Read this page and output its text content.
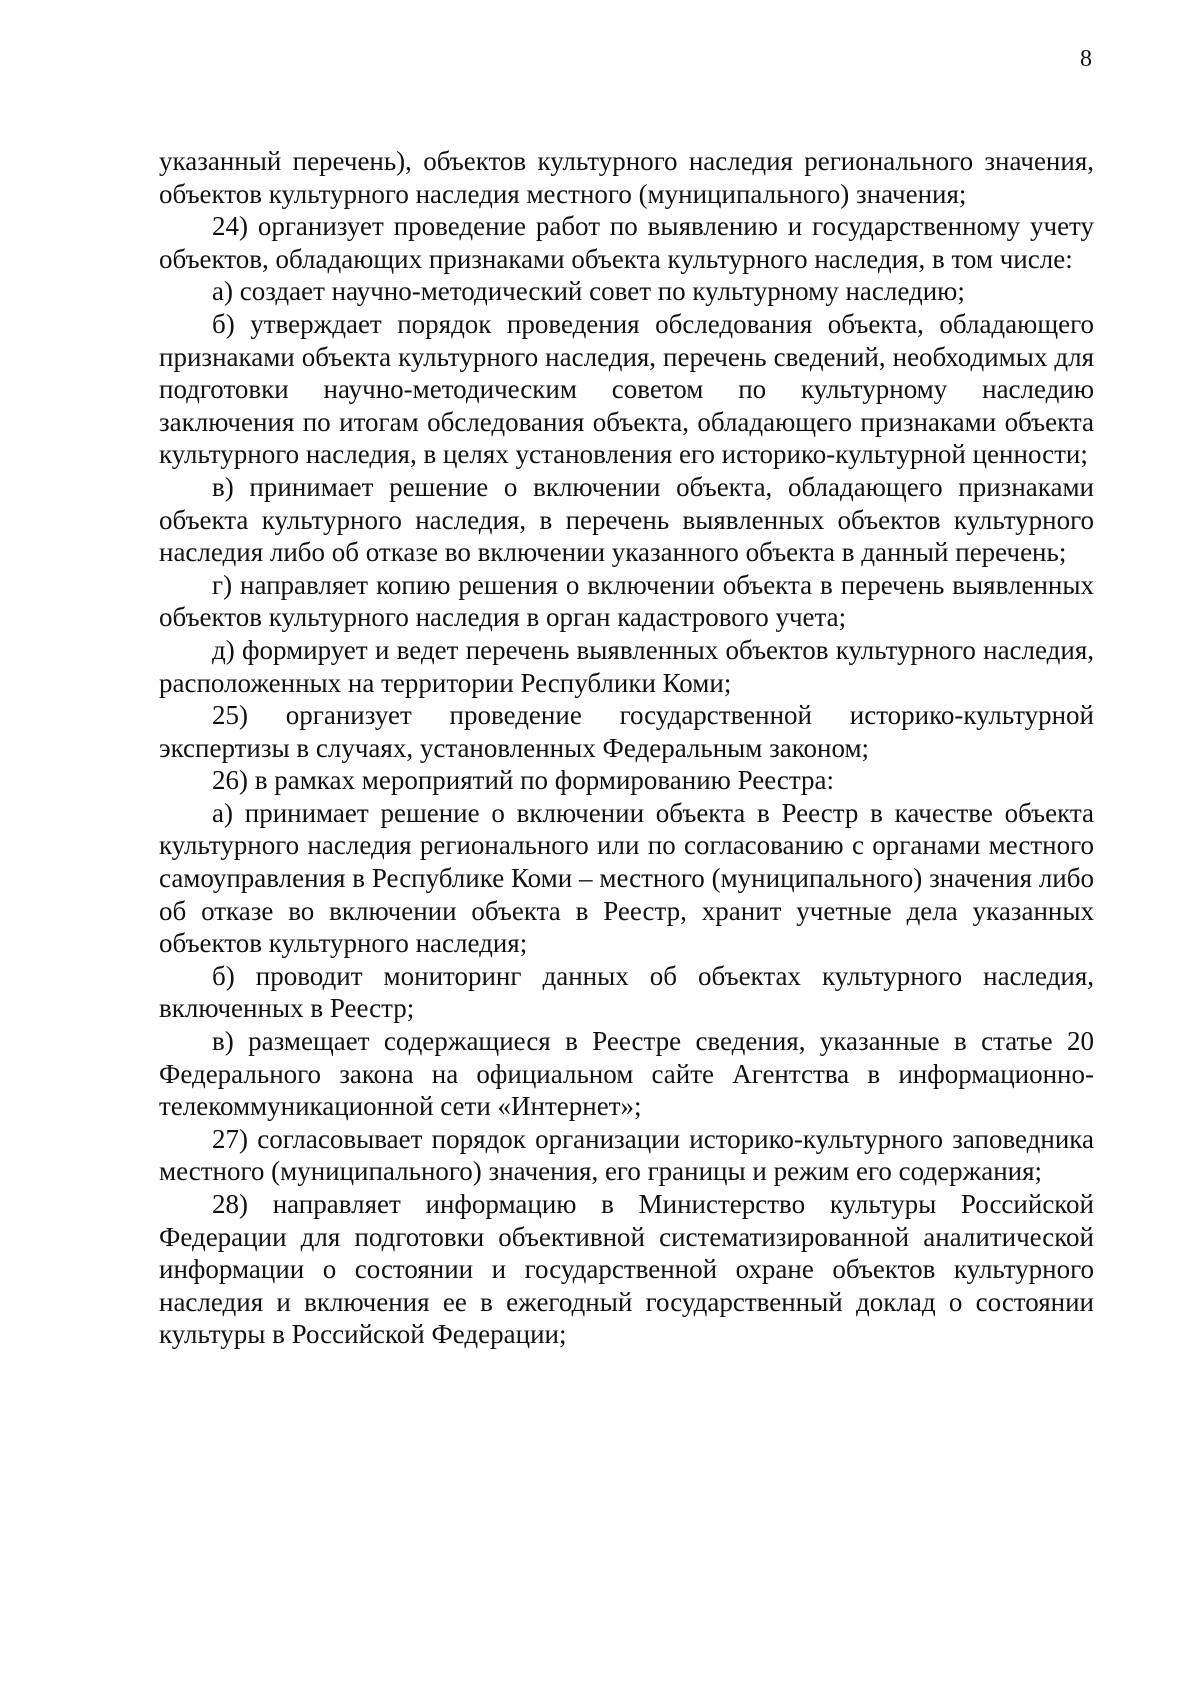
8

указанный перечень), объектов культурного наследия регионального значения, объектов культурного наследия местного (муниципального) значения;

24) организует проведение работ по выявлению и государственному учету объектов, обладающих признаками объекта культурного наследия, в том числе:

а) создает научно-методический совет по культурному наследию;

б) утверждает порядок проведения обследования объекта, обладающего признаками объекта культурного наследия, перечень сведений, необходимых для подготовки научно-методическим советом по культурному наследию заключения по итогам обследования объекта, обладающего признаками объекта культурного наследия, в целях установления его историко-культурной ценности;

в) принимает решение о включении объекта, обладающего признаками объекта культурного наследия, в перечень выявленных объектов культурного наследия либо об отказе во включении указанного объекта в данный перечень;

г) направляет копию решения о включении объекта в перечень выявленных объектов культурного наследия в орган кадастрового учета;

д) формирует и ведет перечень выявленных объектов культурного наследия, расположенных на территории Республики Коми;

25) организует проведение государственной историко-культурной экспертизы в случаях, установленных Федеральным законом;

26) в рамках мероприятий по формированию Реестра:

а) принимает решение о включении объекта в Реестр в качестве объекта культурного наследия регионального или по согласованию с органами местного самоуправления в Республике Коми – местного (муниципального) значения либо об отказе во включении объекта в Реестр, хранит учетные дела указанных объектов культурного наследия;

б) проводит мониторинг данных об объектах культурного наследия, включенных в Реестр;

в) размещает содержащиеся в Реестре сведения, указанные в статье 20 Федерального закона на официальном сайте Агентства в информационно-телекоммуникационной сети «Интернет»;

27) согласовывает порядок организации историко-культурного заповедника местного (муниципального) значения, его границы и режим его содержания;

28) направляет информацию в Министерство культуры Российской Федерации для подготовки объективной систематизированной аналитической информации о состоянии и государственной охране объектов культурного наследия и включения ее в ежегодный государственный доклад о состоянии культуры в Российской Федерации;
